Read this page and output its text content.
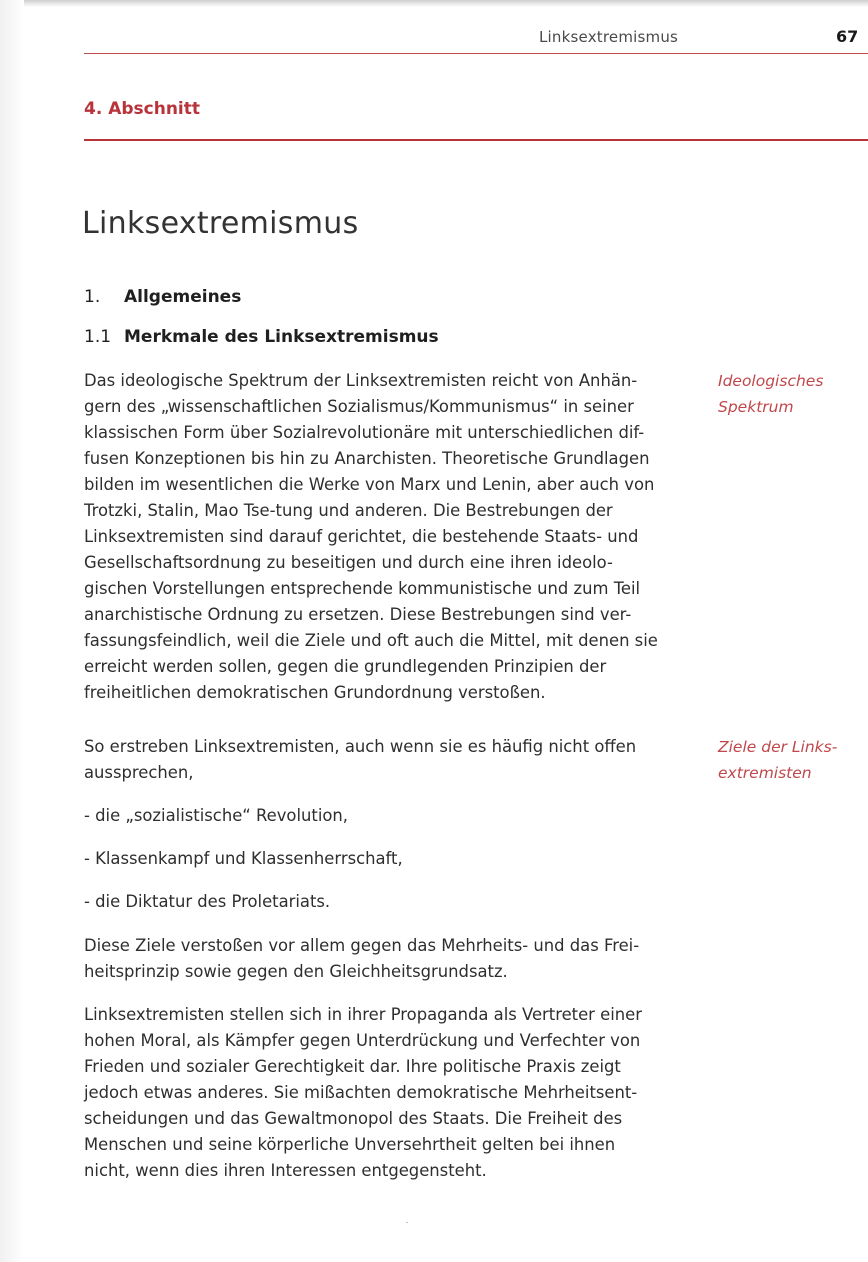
Linksextremismus	67
4. Abschnitt
Linksextremismus
1. Allgemeines
1.1 Merkmale des Linksextremismus
Das ideologische Spektrum der Linksextremisten reicht von Anhän-
gern des „wissenschaftlichen Sozialismus/Kommunismus“ in seiner
klassischen Form über Sozialrevolutionäre mit unterschiedlichen dif-
fusen Konzeptionen bis hin zu Anarchisten. Theoretische Grundlagen
bilden im wesentlichen die Werke von Marx und Lenin, aber auch von
Trotzki, Stalin, Mao Tse-tung und anderen. Die Bestrebungen der
Linksextremisten sind darauf gerichtet, die bestehende Staats- und
Gesellschaftsordnung zu beseitigen und durch eine ihren ideolo-
gischen Vorstellungen entsprechende kommunistische und zum Teil
anarchistische Ordnung zu ersetzen. Diese Bestrebungen sind ver-
fassungsfeindlich, weil die Ziele und oft auch die Mittel, mit denen sie
erreicht werden sollen, gegen die grundlegenden Prinzipien der
freiheitlichen demokratischen Grundordnung verstoßen.
Ideologisches
Spektrum
So erstreben Linksextremisten, auch wenn sie es häufig nicht offen
aussprechen,
Ziele der Links-
extremisten
- die „sozialistische“ Revolution,
- Klassenkampf und Klassenherrschaft,
- die Diktatur des Proletariats.
Diese Ziele verstoßen vor allem gegen das Mehrheits- und das Frei-
heitsprinzip sowie gegen den Gleichheitsgrundsatz.
Linksextremisten stellen sich in ihrer Propaganda als Vertreter einer
hohen Moral, als Kämpfer gegen Unterdrückung und Verfechter von
Frieden und sozialer Gerechtigkeit dar. Ihre politische Praxis zeigt
jedoch etwas anderes. Sie mißachten demokratische Mehrheitsent-
scheidungen und das Gewaltmonopol des Staats. Die Freiheit des
Menschen und seine körperliche Unversehrtheit gelten bei ihnen
nicht, wenn dies ihren Interessen entgegensteht.
